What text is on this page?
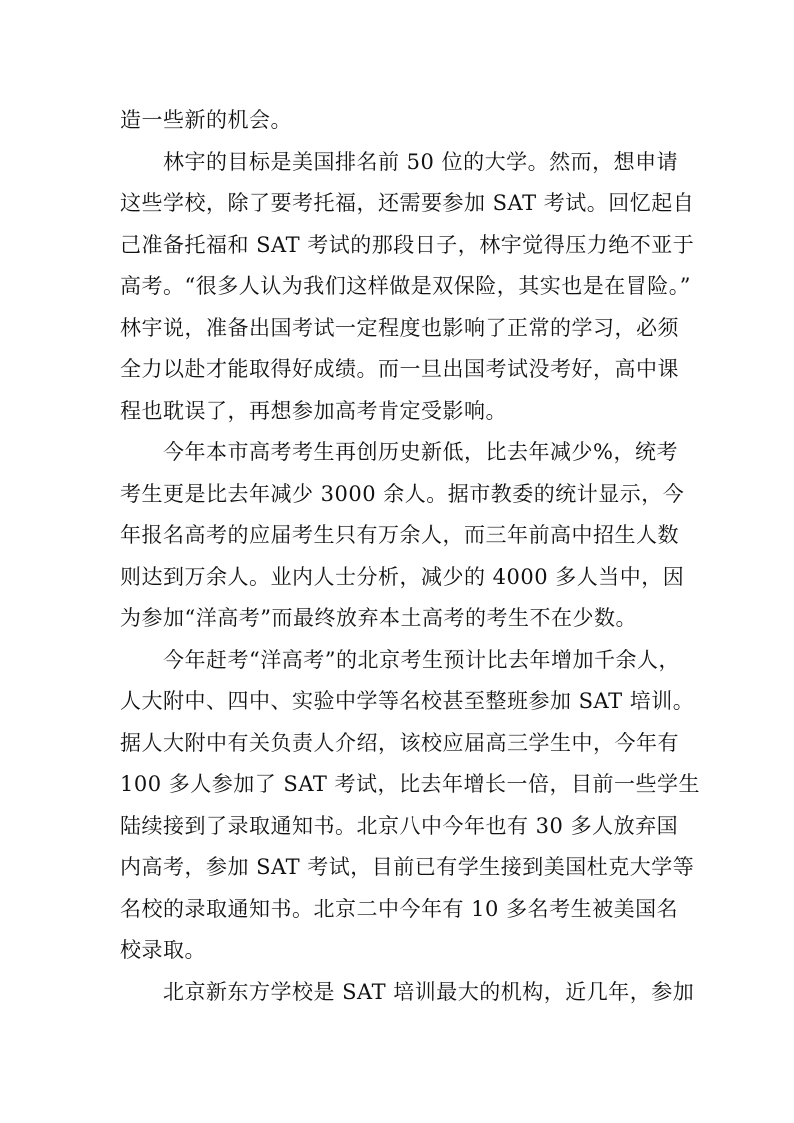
造一些新的机会。
林宇的目标是美国排名前 50 位的大学。然而，想申请
这些学校，除了要考托福，还需要参加 SAT 考试。回忆起自
己准备托福和 SAT 考试的那段日子，林宇觉得压力绝不亚于
高考。“很多人认为我们这样做是双保险，其实也是在冒险。”
林宇说，准备出国考试一定程度也影响了正常的学习，必须
全力以赴才能取得好成绩。而一旦出国考试没考好，高中课
程也耽误了，再想参加高考肯定受影响。
今年本市高考考生再创历史新低，比去年减少%，统考
考生更是比去年减少 3000 余人。据市教委的统计显示，今
年报名高考的应届考生只有万余人，而三年前高中招生人数
则达到万余人。业内人士分析，减少的 4000 多人当中，因
为参加“洋高考”而最终放弃本土高考的考生不在少数。
今年赶考“洋高考”的北京考生预计比去年增加千余人，
人大附中、四中、实验中学等名校甚至整班参加 SAT 培训。
据人大附中有关负责人介绍，该校应届高三学生中，今年有
100 多人参加了 SAT 考试，比去年增长一倍，目前一些学生
陆续接到了录取通知书。北京八中今年也有 30 多人放弃国
内高考，参加 SAT 考试，目前已有学生接到美国杜克大学等
名校的录取通知书。北京二中今年有 10 多名考生被美国名
校录取。
北京新东方学校是 SAT 培训最大的机构，近几年，参加
